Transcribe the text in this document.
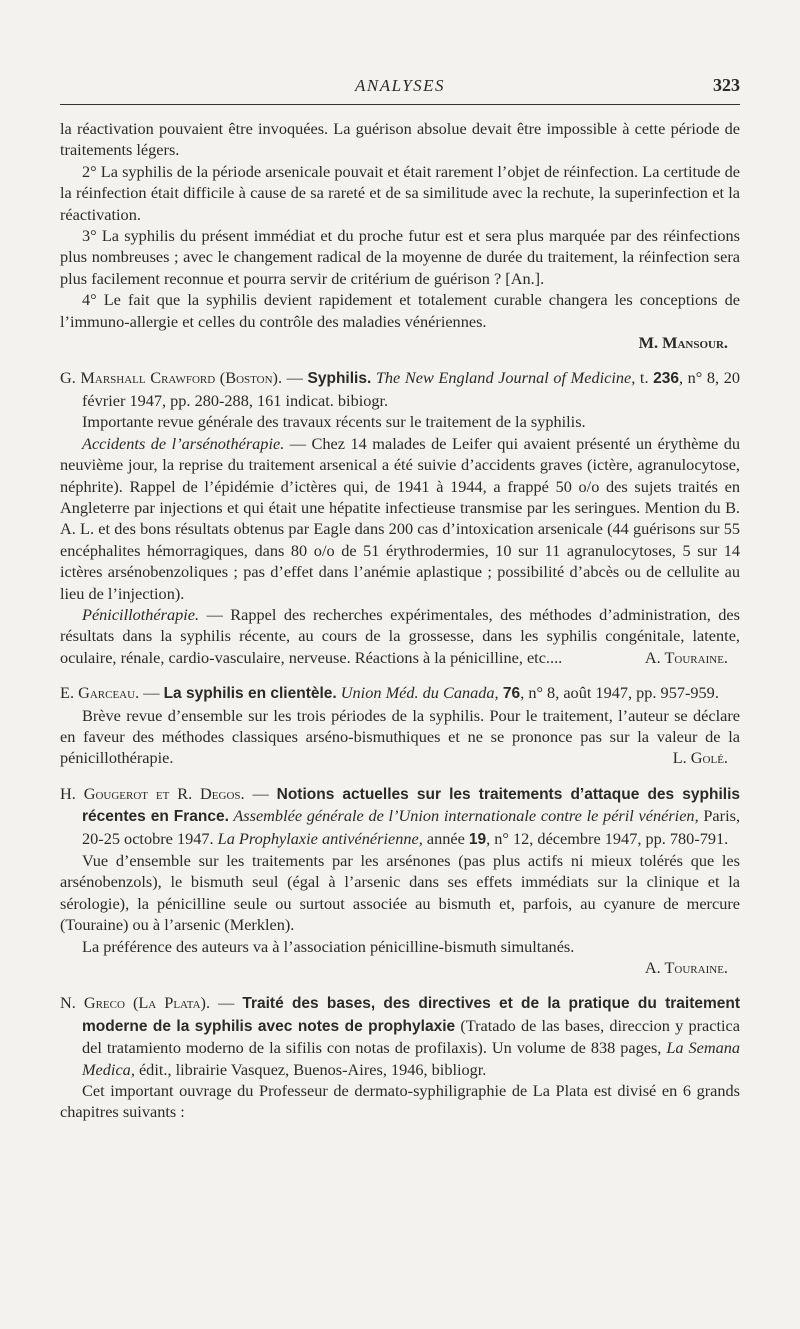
ANALYSES	323

la réactivation pouvaient être invoquées. La guérison absolue devait être impossible à cette période de traitements légers.

2° La syphilis de la période arsenicale pouvait et était rarement l’objet de réinfection. La certitude de la réinfection était difficile à cause de sa rareté et de sa similitude avec la rechute, la superinfection et la réactivation.

3° La syphilis du présent immédiat et du proche futur est et sera plus marquée par des réinfections plus nombreuses ; avec le changement radical de la moyenne de durée du traitement, la réinfection sera plus facilement reconnue et pourra servir de critérium de guérison ? [An.].

4° Le fait que la syphilis devient rapidement et totalement curable changera les conceptions de l’immuno-allergie et celles du contrôle des maladies vénériennes.

M. Mansour.

G. Marshall Crawford (Boston). — Syphilis. The New England Journal of Medicine, t. 236, n° 8, 20 février 1947, pp. 280-288, 161 indicat. bibiogr.

Importante revue générale des travaux récents sur le traitement de la syphilis.

Accidents de l’arsénothérapie. — Chez 14 malades de Leifer qui avaient présenté un érythème du neuvième jour, la reprise du traitement arsenical a été suivie d’accidents graves (ictère, agranulocytose, néphrite). Rappel de l’épidémie d’ictères qui, de 1941 à 1944, a frappé 50 o/o des sujets traités en Angleterre par injections et qui était une hépatite infectieuse transmise par les seringues. Mention du B. A. L. et des bons résultats obtenus par Eagle dans 200 cas d’intoxication arsenicale (44 guérisons sur 55 encéphalites hémorragiques, dans 80 o/o de 51 érythrodermies, 10 sur 11 agranulocytoses, 5 sur 14 ictères arsénobenzoliques ; pas d’effet dans l’anémie aplastique ; possibilité d’abcès ou de cellulite au lieu de l’injection).

Pénicillothérapie. — Rappel des recherches expérimentales, des méthodes d’administration, des résultats dans la syphilis récente, au cours de la grossesse, dans les syphilis congénitale, latente, oculaire, rénale, cardio-vasculaire, nerveuse. Réactions à la pénicilline, etc....	A. Touraine.

E. Garceau. — La syphilis en clientèle. Union Méd. du Canada, 76, n° 8, août 1947, pp. 957-959.

Brève revue d’ensemble sur les trois périodes de la syphilis. Pour le traitement, l’auteur se déclare en faveur des méthodes classiques arséno-bismuthiques et ne se prononce pas sur la valeur de la pénicillothérapie.	L. Golé.

H. Gougerot et R. Degos. — Notions actuelles sur les traitements d’attaque des syphilis récentes en France. Assemblée générale de l’Union internationale contre le péril vénérien, Paris, 20-25 octobre 1947. La Prophylaxie antivénérienne, année 19, n° 12, décembre 1947, pp. 780-791.

Vue d’ensemble sur les traitements par les arsénones (pas plus actifs ni mieux tolérés que les arsénobenzols), le bismuth seul (égal à l’arsenic dans ses effets immédiats sur la clinique et la sérologie), la pénicilline seule ou surtout associée au bismuth et, parfois, au cyanure de mercure (Touraine) ou à l’arsenic (Merklen).

La préférence des auteurs va à l’association pénicilline-bismuth simultanés.

A. Touraine.

N. Greco (La Plata). — Traité des bases, des directives et de la pratique du traitement moderne de la syphilis avec notes de prophylaxie (Tratado de las bases, direccion y practica del tratamiento moderno de la sifilis con notas de profilaxis). Un volume de 838 pages, La Semana Medica, édit., librairie Vasquez, Buenos-Aires, 1946, bibliogr.

Cet important ouvrage du Professeur de dermato-syphiligraphie de La Plata est divisé en 6 grands chapitres suivants :
